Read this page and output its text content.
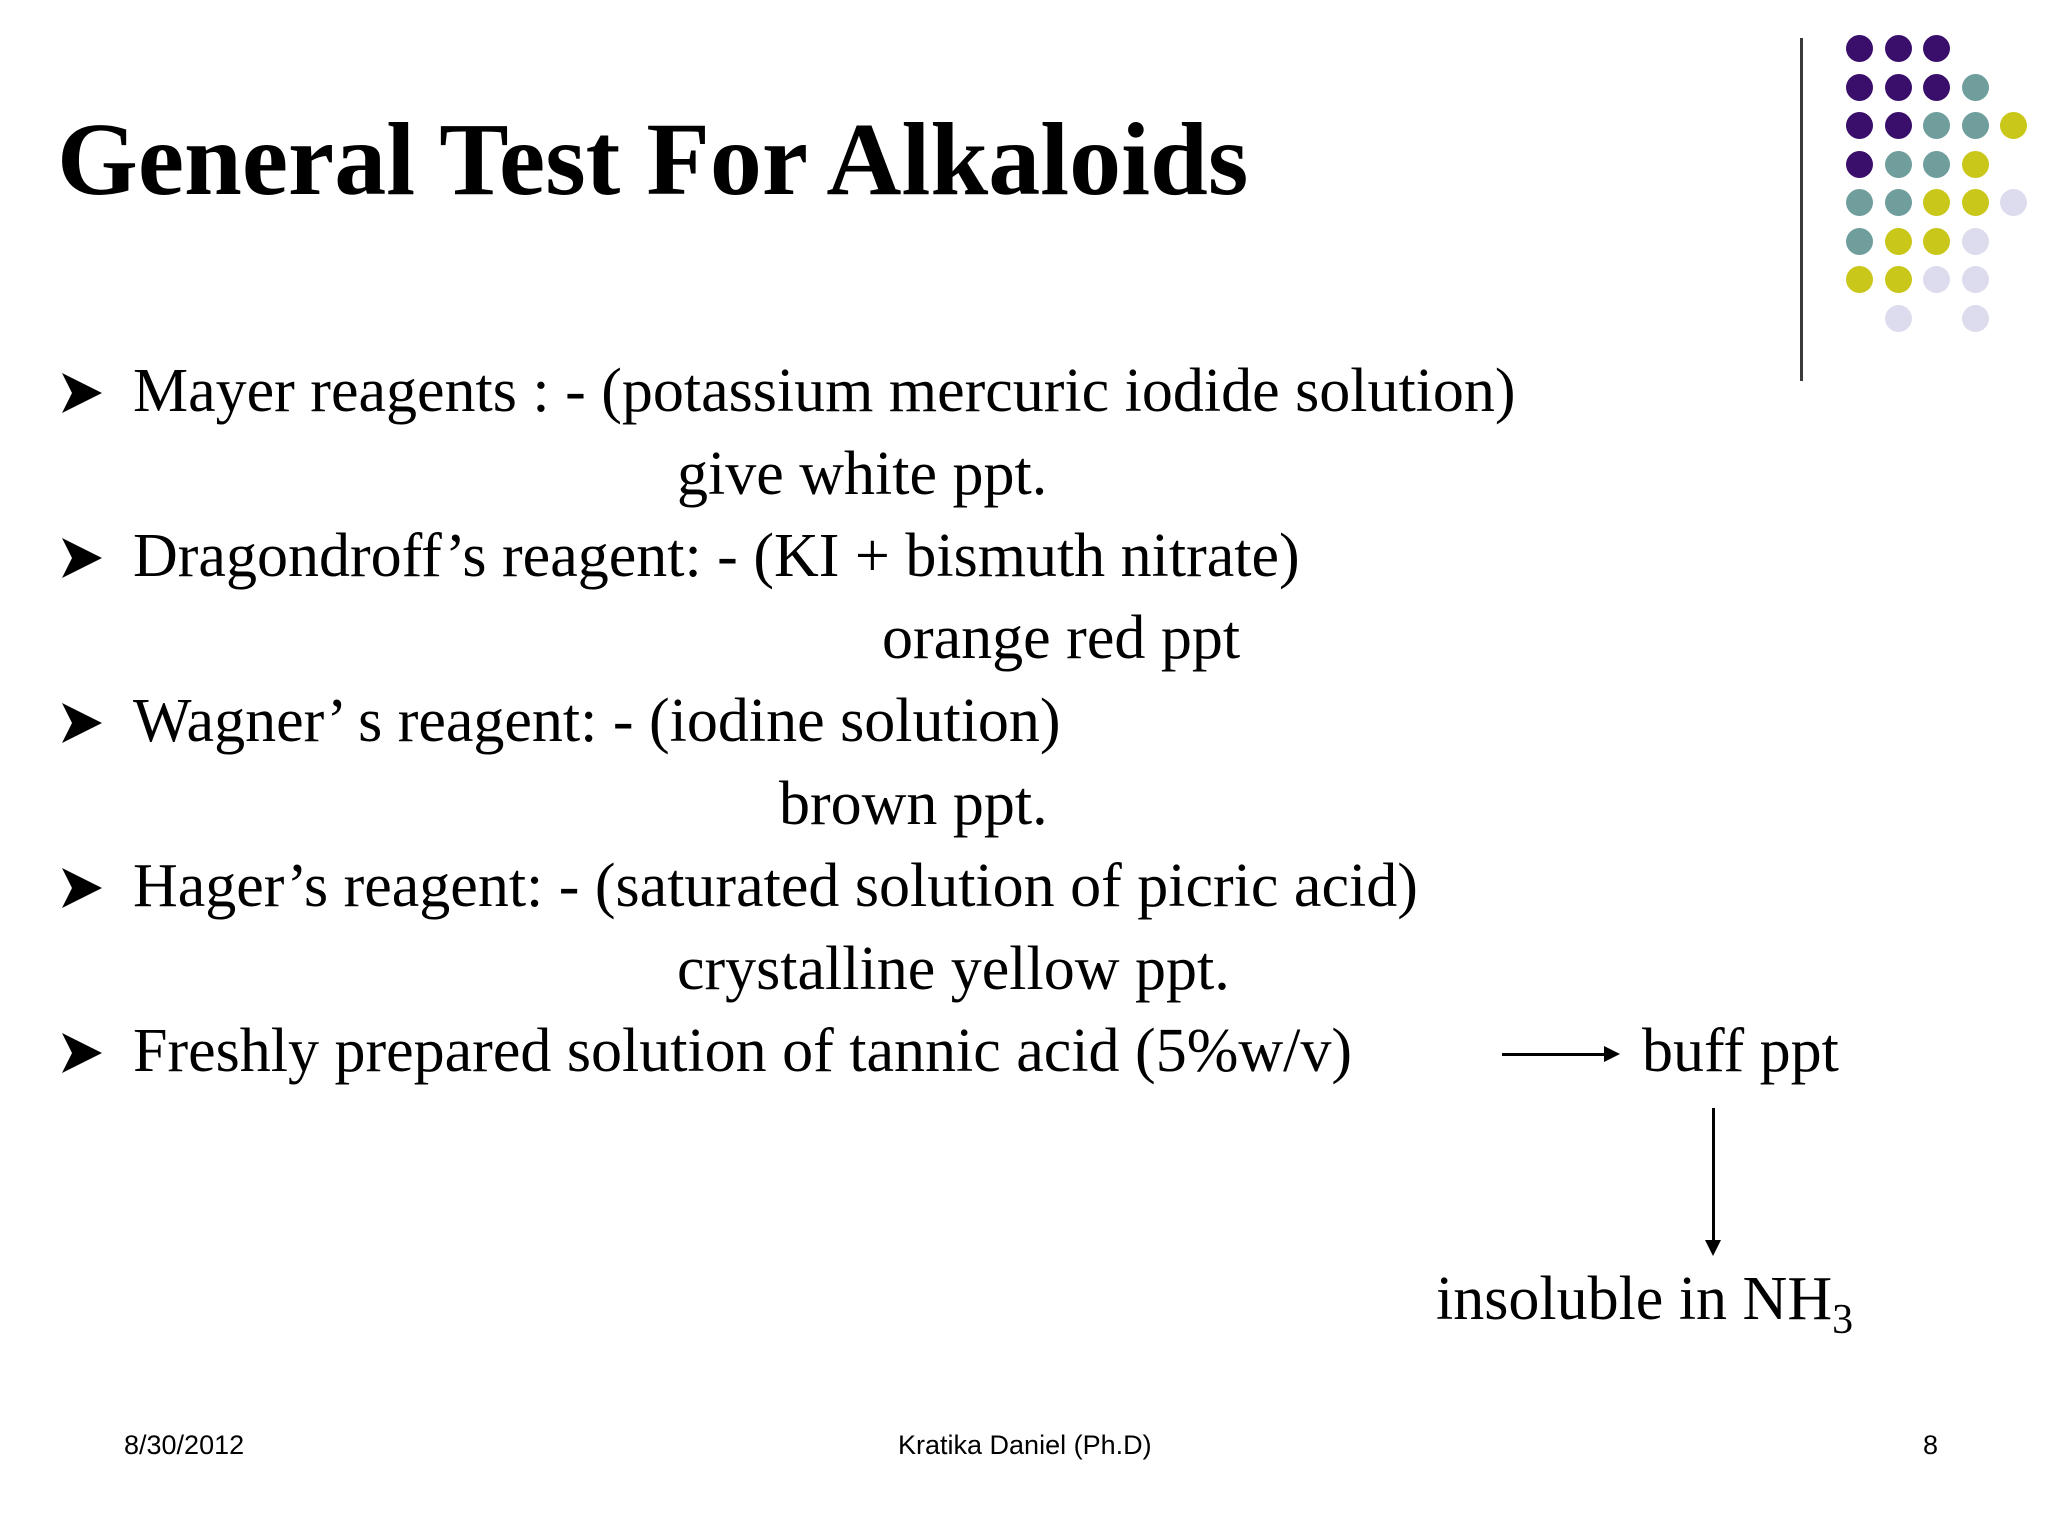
General Test For Alkaloids
Mayer reagents : - (potassium mercuric iodide solution)
give white ppt.
Dragondroff’s reagent: - (KI + bismuth nitrate)
orange red ppt
Wagner’ s reagent: - (iodine solution)
brown ppt.
Hager’s reagent: - (saturated solution of picric acid)
crystalline yellow ppt.
Freshly prepared solution of tannic acid (5%w/v)	buff ppt
insoluble in $NH_3$
8/30/2012	Kratika Daniel (Ph.D)	8
